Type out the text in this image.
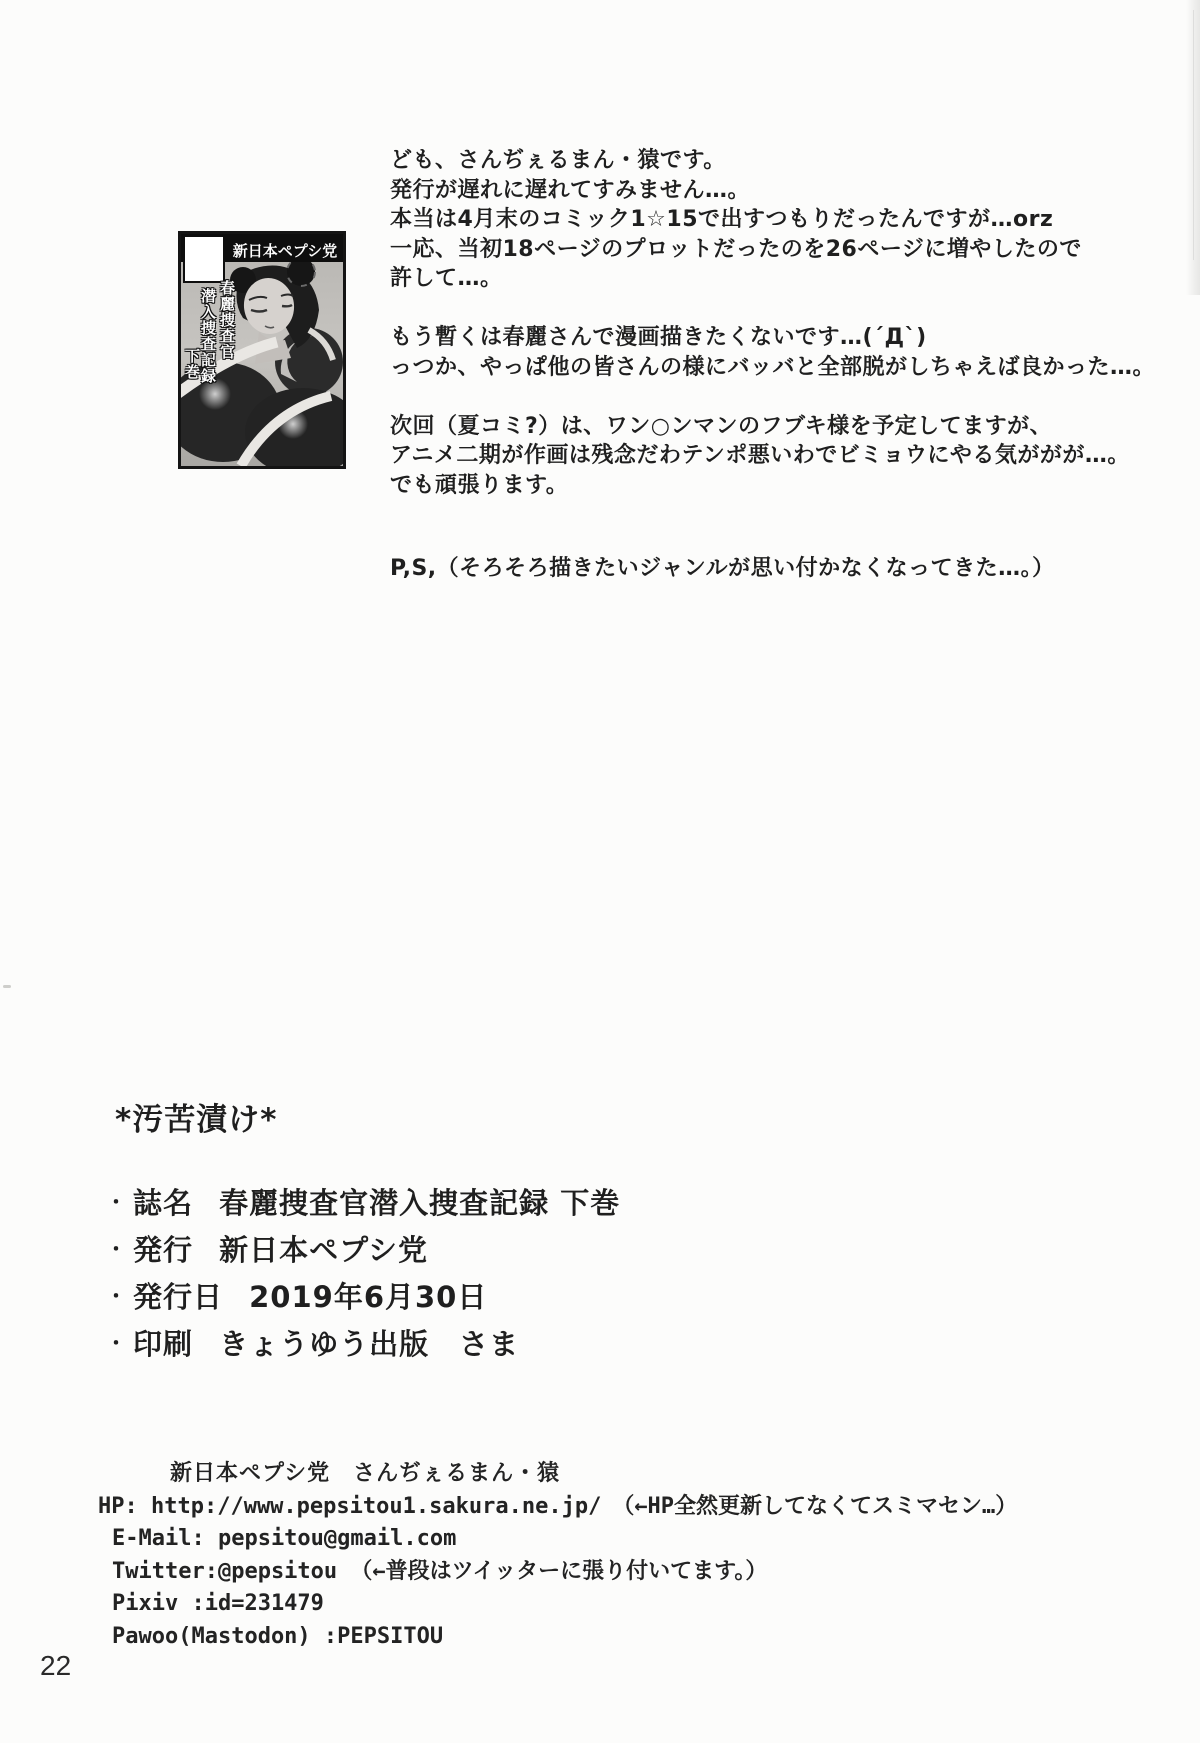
新日本ペプシ党
春麗捜査官
潜入捜査記録
下巻
ども、さんぢぇるまん・猿です。
発行が遅れに遅れてすみません…。
本当は4月末のコミック1☆15で出すつもりだったんですが…orz
一応、当初18ページのプロットだったのを26ページに増やしたので
許して…。
もう暫くは春麗さんで漫画描きたくないです…(´Д`)
っつか、やっぱ他の皆さんの様にバッバと全部脱がしちゃえば良かった…。
次回（夏コミ?）は、ワン○ンマンのフブキ様を予定してますが、
アニメ二期が作画は残念だわテンポ悪いわでビミョウにやる気ががが…。
でも頑張ります。
P,S,（そろそろ描きたいジャンルが思い付かなくなってきた…。）
*汚苦漬け*
・ 誌名 春麗捜査官潜入捜査記録 下巻
・ 発行 新日本ペプシ党
・ 発行日 2019年6月30日
・ 印刷 きょうゆう出版　さま
新日本ペプシ党　さんぢぇるまん・猿
HP: http://www.pepsitou1.sakura.ne.jp/　（←HP全然更新してなくてスミマセン…）
E-Mail: pepsitou@gmail.com
Twitter:@pepsitou （←普段はツイッターに張り付いてます。）
Pixiv :id=231479
Pawoo(Mastodon) :PEPSITOU
22
